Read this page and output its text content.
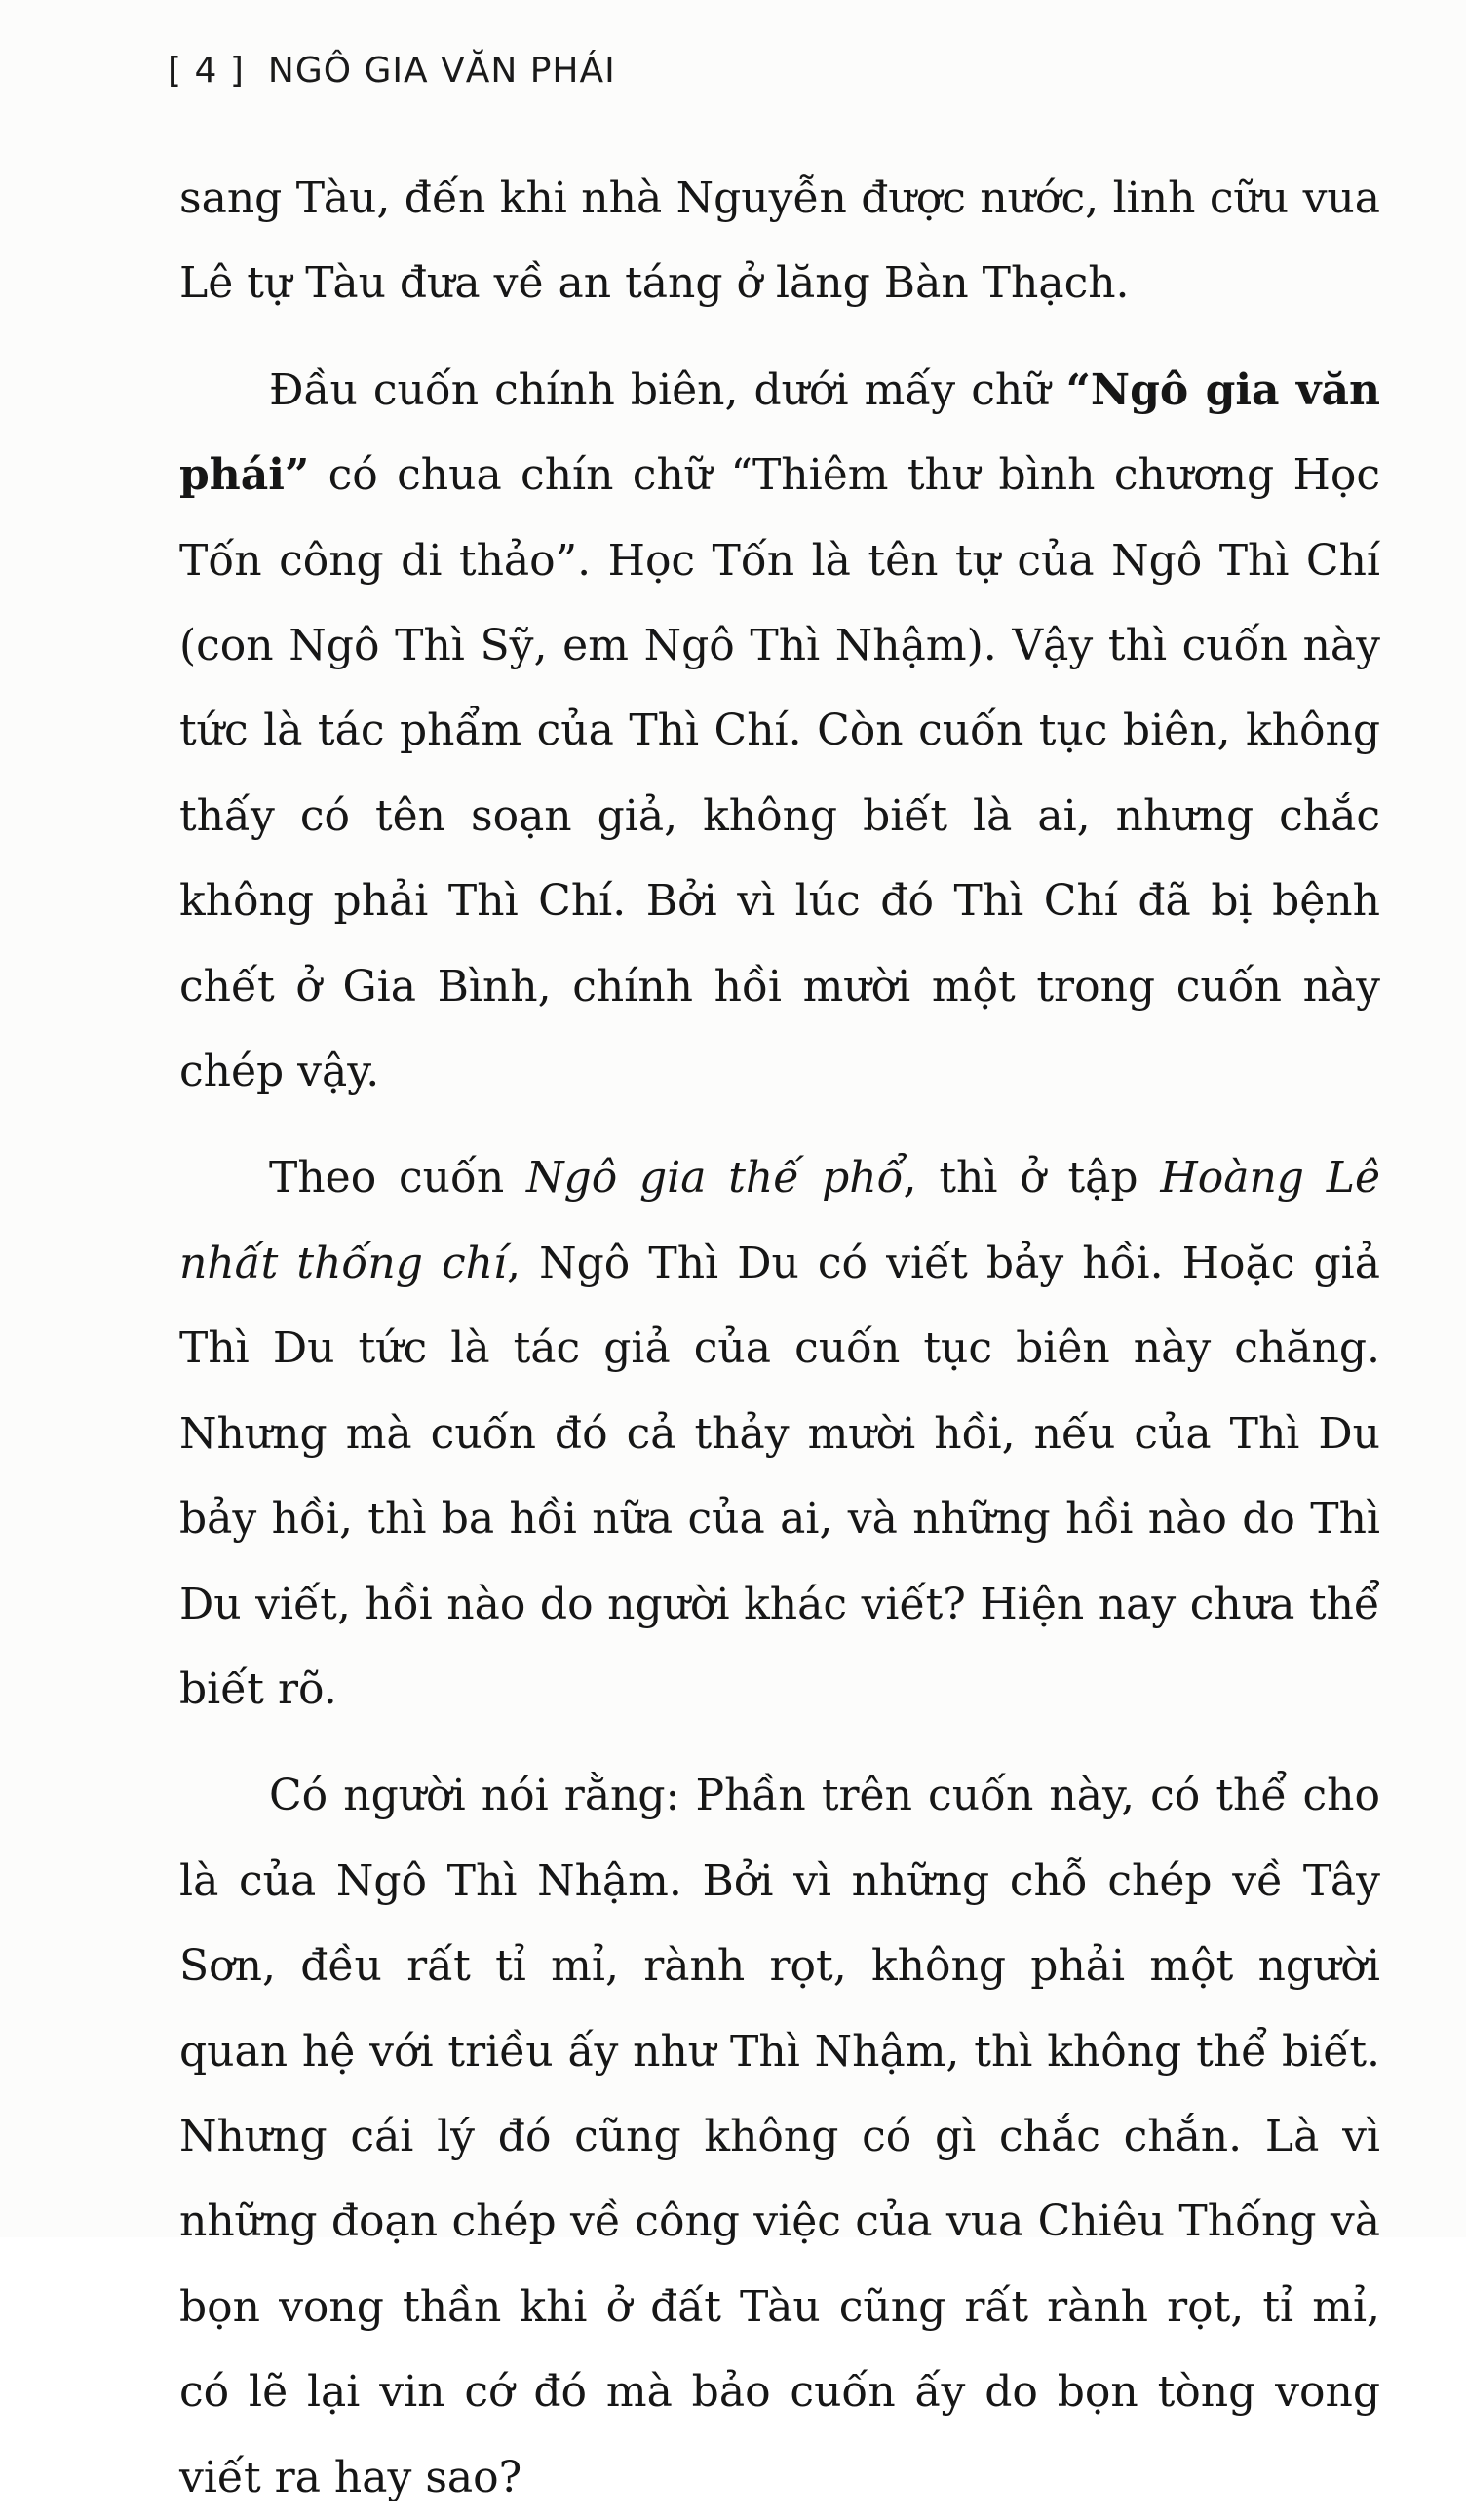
[ 4 ] NGÔ GIA VĂN PHÁI

sang Tàu, đến khi nhà Nguyễn được nước, linh cữu vua Lê tự Tàu đưa về an táng ở lăng Bàn Thạch.

Đầu cuốn chính biên, dưới mấy chữ “Ngô gia văn phái” có chua chín chữ “Thiêm thư bình chương Học Tốn công di thảo”. Học Tốn là tên tự của Ngô Thì Chí (con Ngô Thì Sỹ, em Ngô Thì Nhậm). Vậy thì cuốn này tức là tác phẩm của Thì Chí. Còn cuốn tục biên, không thấy có tên soạn giả, không biết là ai, nhưng chắc không phải Thì Chí. Bởi vì lúc đó Thì Chí đã bị bệnh chết ở Gia Bình, chính hồi mười một trong cuốn này chép vậy.

Theo cuốn Ngô gia thế phổ, thì ở tập Hoàng Lê nhất thống chí, Ngô Thì Du có viết bảy hồi. Hoặc giả Thì Du tức là tác giả của cuốn tục biên này chăng. Nhưng mà cuốn đó cả thảy mười hồi, nếu của Thì Du bảy hồi, thì ba hồi nữa của ai, và những hồi nào do Thì Du viết, hồi nào do người khác viết? Hiện nay chưa thể biết rõ.

Có người nói rằng: Phần trên cuốn này, có thể cho là của Ngô Thì Nhậm. Bởi vì những chỗ chép về Tây Sơn, đều rất tỉ mỉ, rành rọt, không phải một người quan hệ với triều ấy như Thì Nhậm, thì không thể biết. Nhưng cái lý đó cũng không có gì chắc chắn. Là vì những đoạn chép về công việc của vua Chiêu Thống và bọn vong thần khi ở đất Tàu cũng rất rành rọt, tỉ mỉ, có lẽ lại vin cớ đó mà bảo cuốn ấy do bọn tòng vong viết ra hay sao?
